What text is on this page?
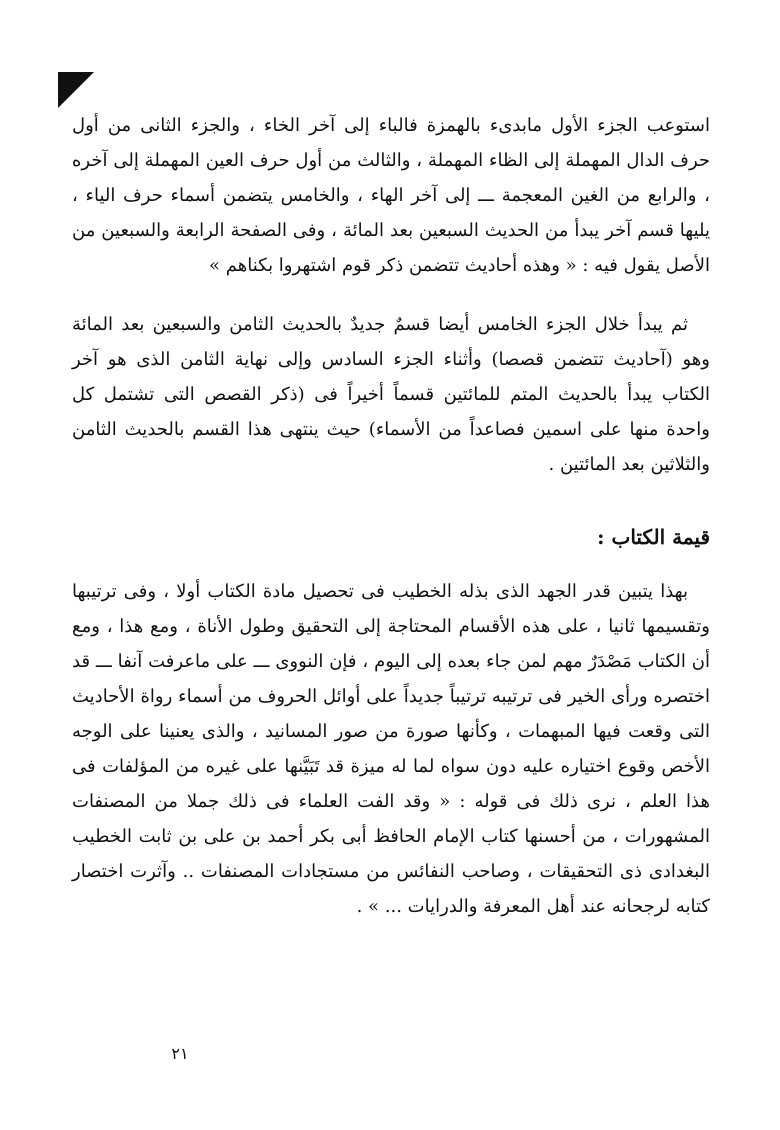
استوعب الجزء الأول مابدىء بالهمزة فالباء إلى آخر الخاء ، والجزء الثانى من أول حرف الدال المهملة إلى الظاء المهملة ، والثالث من أول حرف العين المهملة إلى آخره ، والرابع من الغين المعجمة ـــ إلى آخر الهاء ، والخامس يتضمن أسماء حرف الياء ، يليها قسم آخر يبدأ من الحديث السبعين بعد المائة ، وفى الصفحة الرابعة والسبعين من الأصل يقول فيه : « وهذه أحاديث تتضمن ذكر قوم اشتهروا بكناهم »

ثم يبدأ خلال الجزء الخامس أيضا قسمٌ جديدٌ بالحديث الثامن والسبعين بعد المائة وهو (آحاديث تتضمن قصصا) وأثناء الجزء السادس وإلى نهاية الثامن الذى هو آخر الكتاب يبدأ بالحديث المتم للمائتين قسماً أخيراً فى (ذكر القصص التى تشتمل كل واحدة منها على اسمين فصاعداً من الأسماء) حيث ينتهى هذا القسم بالحديث الثامن والثلاثين بعد المائتين .

قيمة الكتاب :

بهذا يتبين قدر الجهد الذى بذله الخطيب فى تحصيل مادة الكتاب أولا ، وفى ترتيبها وتقسيمها ثانيا ، على هذه الأقسام المحتاجة إلى التحقيق وطول الأناة ، ومع هذا ، ومع أن الكتاب مَصْدَرٌ مهم لمن جاء بعده إلى اليوم ، فإن النووى ـــ على ماعرفت آنفا ـــ قد اختصره ورأى الخير فى ترتيبه ترتيباً جديداً على أوائل الحروف من أسماء رواة الأحاديث التى وقعت فيها المبهمات ، وكأنها صورة من صور المسانيد ، والذى يعنينا على الوجه الأخص وقوع اختياره عليه دون سواه لما له ميزة قد تَبَيَّنها على غيره من المؤلفات فى هذا العلم ، نرى ذلك فى قوله : « وقد الفت العلماء فى ذلك جملا من المصنفات المشهورات ، من أحسنها كتاب الإمام الحافظ أبى بكر أحمد بن على بن ثابت الخطيب البغدادى ذى التحقيقات ، وصاحب النفائس من مستجادات المصنفات .. وآثرت اختصار كتابه لرجحانه عند أهل المعرفة والدرايات ... » .

٢١
